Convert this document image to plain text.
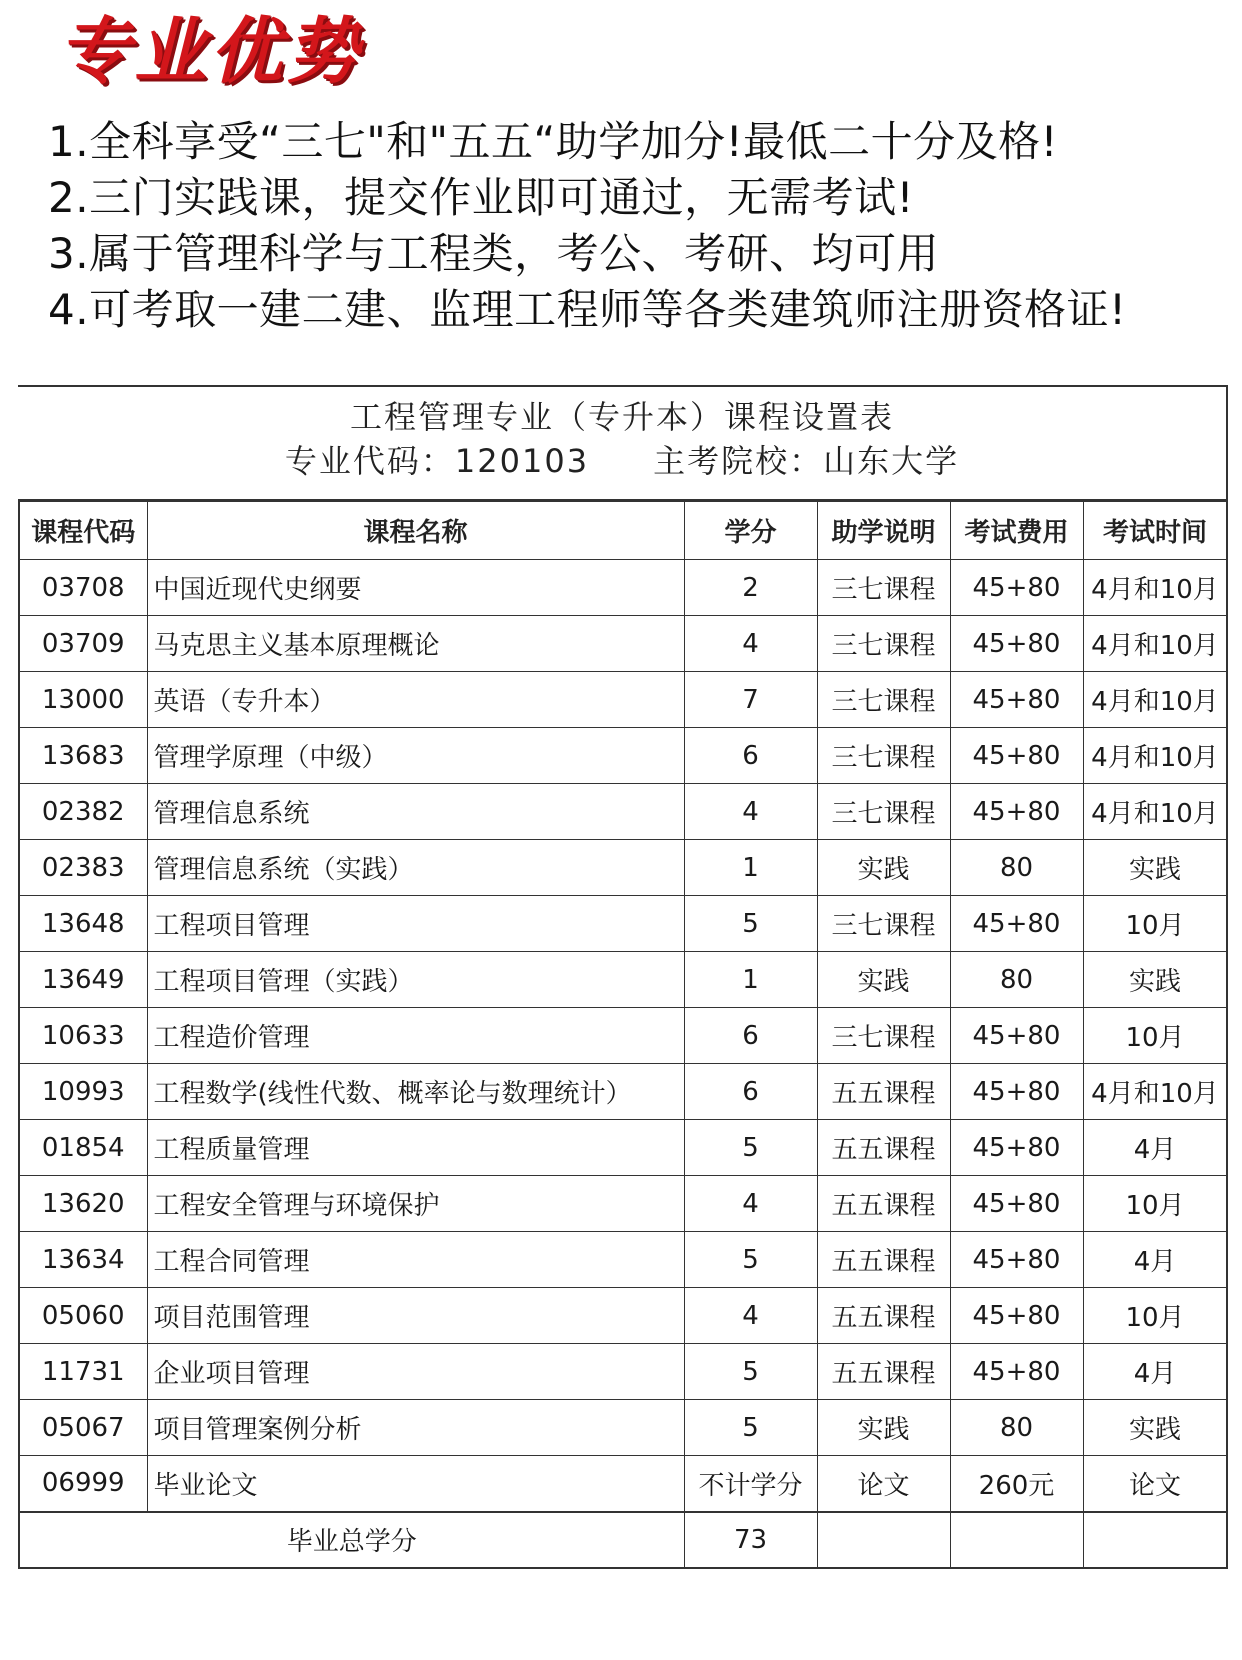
专业优势
1.全科享受“三七"和"五五“助学加分!最低二十分及格!
2.三门实践课，提交作业即可通过，无需考试!
3.属于管理科学与工程类，考公、考研、均可用
4.可考取一建二建、监理工程师等各类建筑师注册资格证!
工程管理专业（专升本）课程设置表
专业代码：120103 主考院校：山东大学
课程代码	课程名称	学分	助学说明	考试费用	考试时间
03708	中国近现代史纲要	2	三七课程	45+80	4月和10月
03709	马克思主义基本原理概论	4	三七课程	45+80	4月和10月
13000	英语（专升本）	7	三七课程	45+80	4月和10月
13683	管理学原理（中级）	6	三七课程	45+80	4月和10月
02382	管理信息系统	4	三七课程	45+80	4月和10月
02383	管理信息系统（实践）	1	实践	80	实践
13648	工程项目管理	5	三七课程	45+80	10月
13649	工程项目管理（实践）	1	实践	80	实践
10633	工程造价管理	6	三七课程	45+80	10月
10993	工程数学(线性代数、概率论与数理统计）	6	五五课程	45+80	4月和10月
01854	工程质量管理	5	五五课程	45+80	4月
13620	工程安全管理与环境保护	4	五五课程	45+80	10月
13634	工程合同管理	5	五五课程	45+80	4月
05060	项目范围管理	4	五五课程	45+80	10月
11731	企业项目管理	5	五五课程	45+80	4月
05067	项目管理案例分析	5	实践	80	实践
06999	毕业论文	不计学分	论文	260元	论文
毕业总学分		73			
